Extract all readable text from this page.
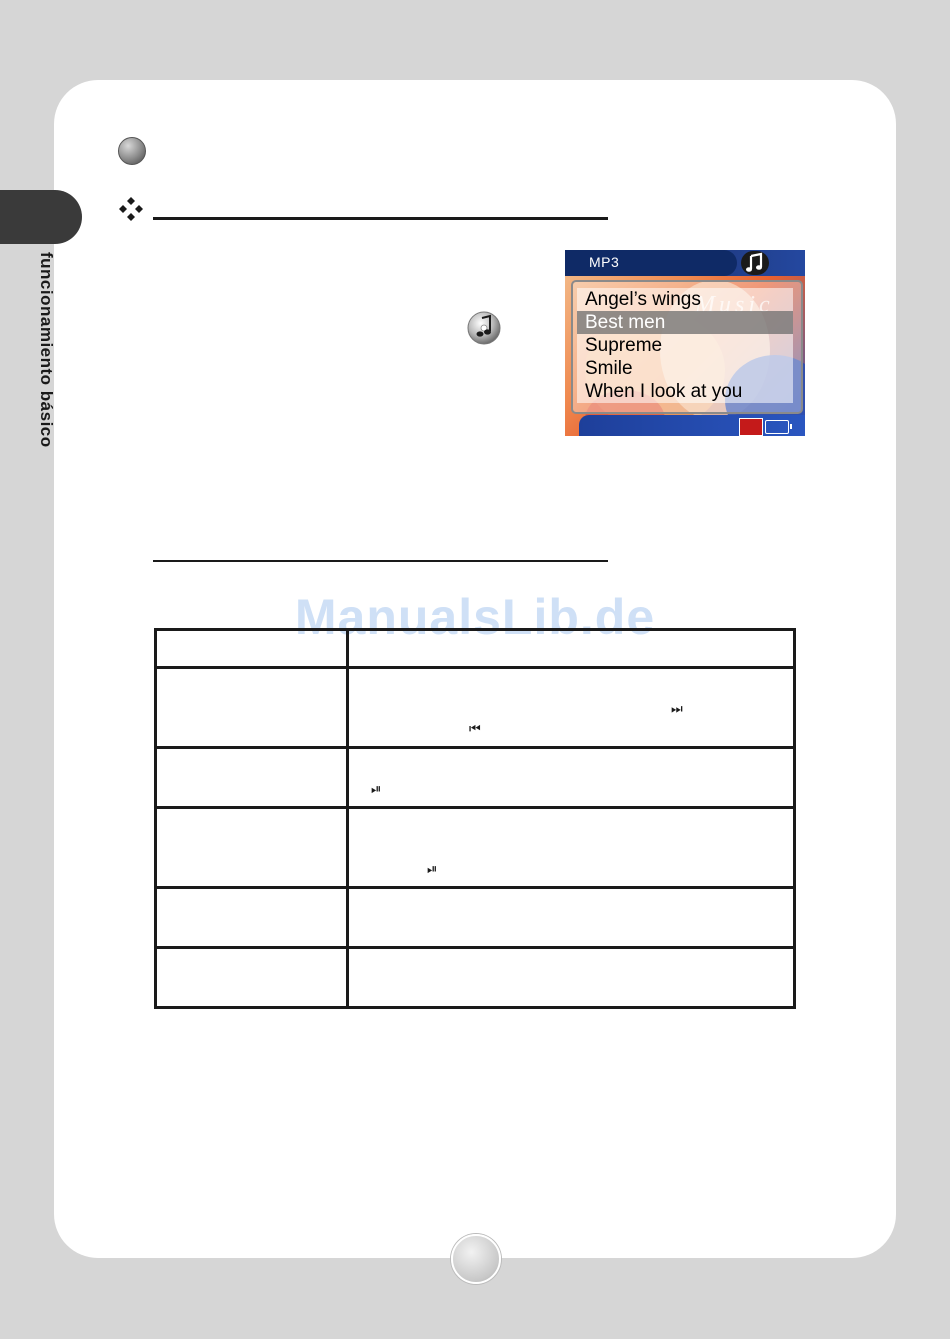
funcionamiento básico	MP3
Angel’s wings
Best men
Supreme
Smile
When I look at you
ManualsLib.de

	⏭
⏮

	⏯

	⏯
